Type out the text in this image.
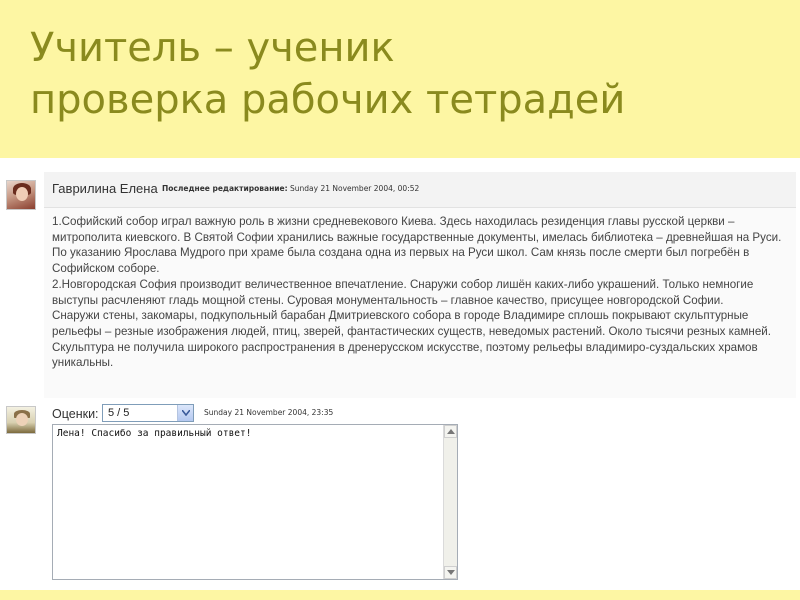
Учитель – ученик
проверка рабочих тетрадей
Гаврилина Елена Последнее редактирование: Sunday 21 November 2004, 00:52

1.Софийский собор играл важную роль в жизни средневекового Киева. Здесь находилась резиденция главы русской церкви – митрополита киевского. В Святой Софии хранились важные государственные документы, имелась библиотека – древнейшая на Руси. По указанию Ярослава Мудрого при храме была создана одна из первых на Руси школ. Сам князь после смерти был погребён в Софийском соборе.

2.Новгородская София производит величественное впечатление. Снаружи собор лишён каких-либо украшений. Только немногие выступы расчленяют гладь мощной стены. Суровая монументальность – главное качество, присущее новгородской Софии.

Снаружи стены, закомары, подкупольный барабан Дмитриевского собора в городе Владимире сплошь покрывают скульптурные рельефы – резные изображения людей, птиц, зверей, фантастических существ, неведомых растений. Около тысячи резных камней.

Скульптура не получила широкого распространения в дренерусском искусстве, поэтому рельефы владимиро-суздальских храмов уникальны.

Оценки: 5 / 5	Sunday 21 November 2004, 23:35
Лена! Спасибо за правильный ответ!
